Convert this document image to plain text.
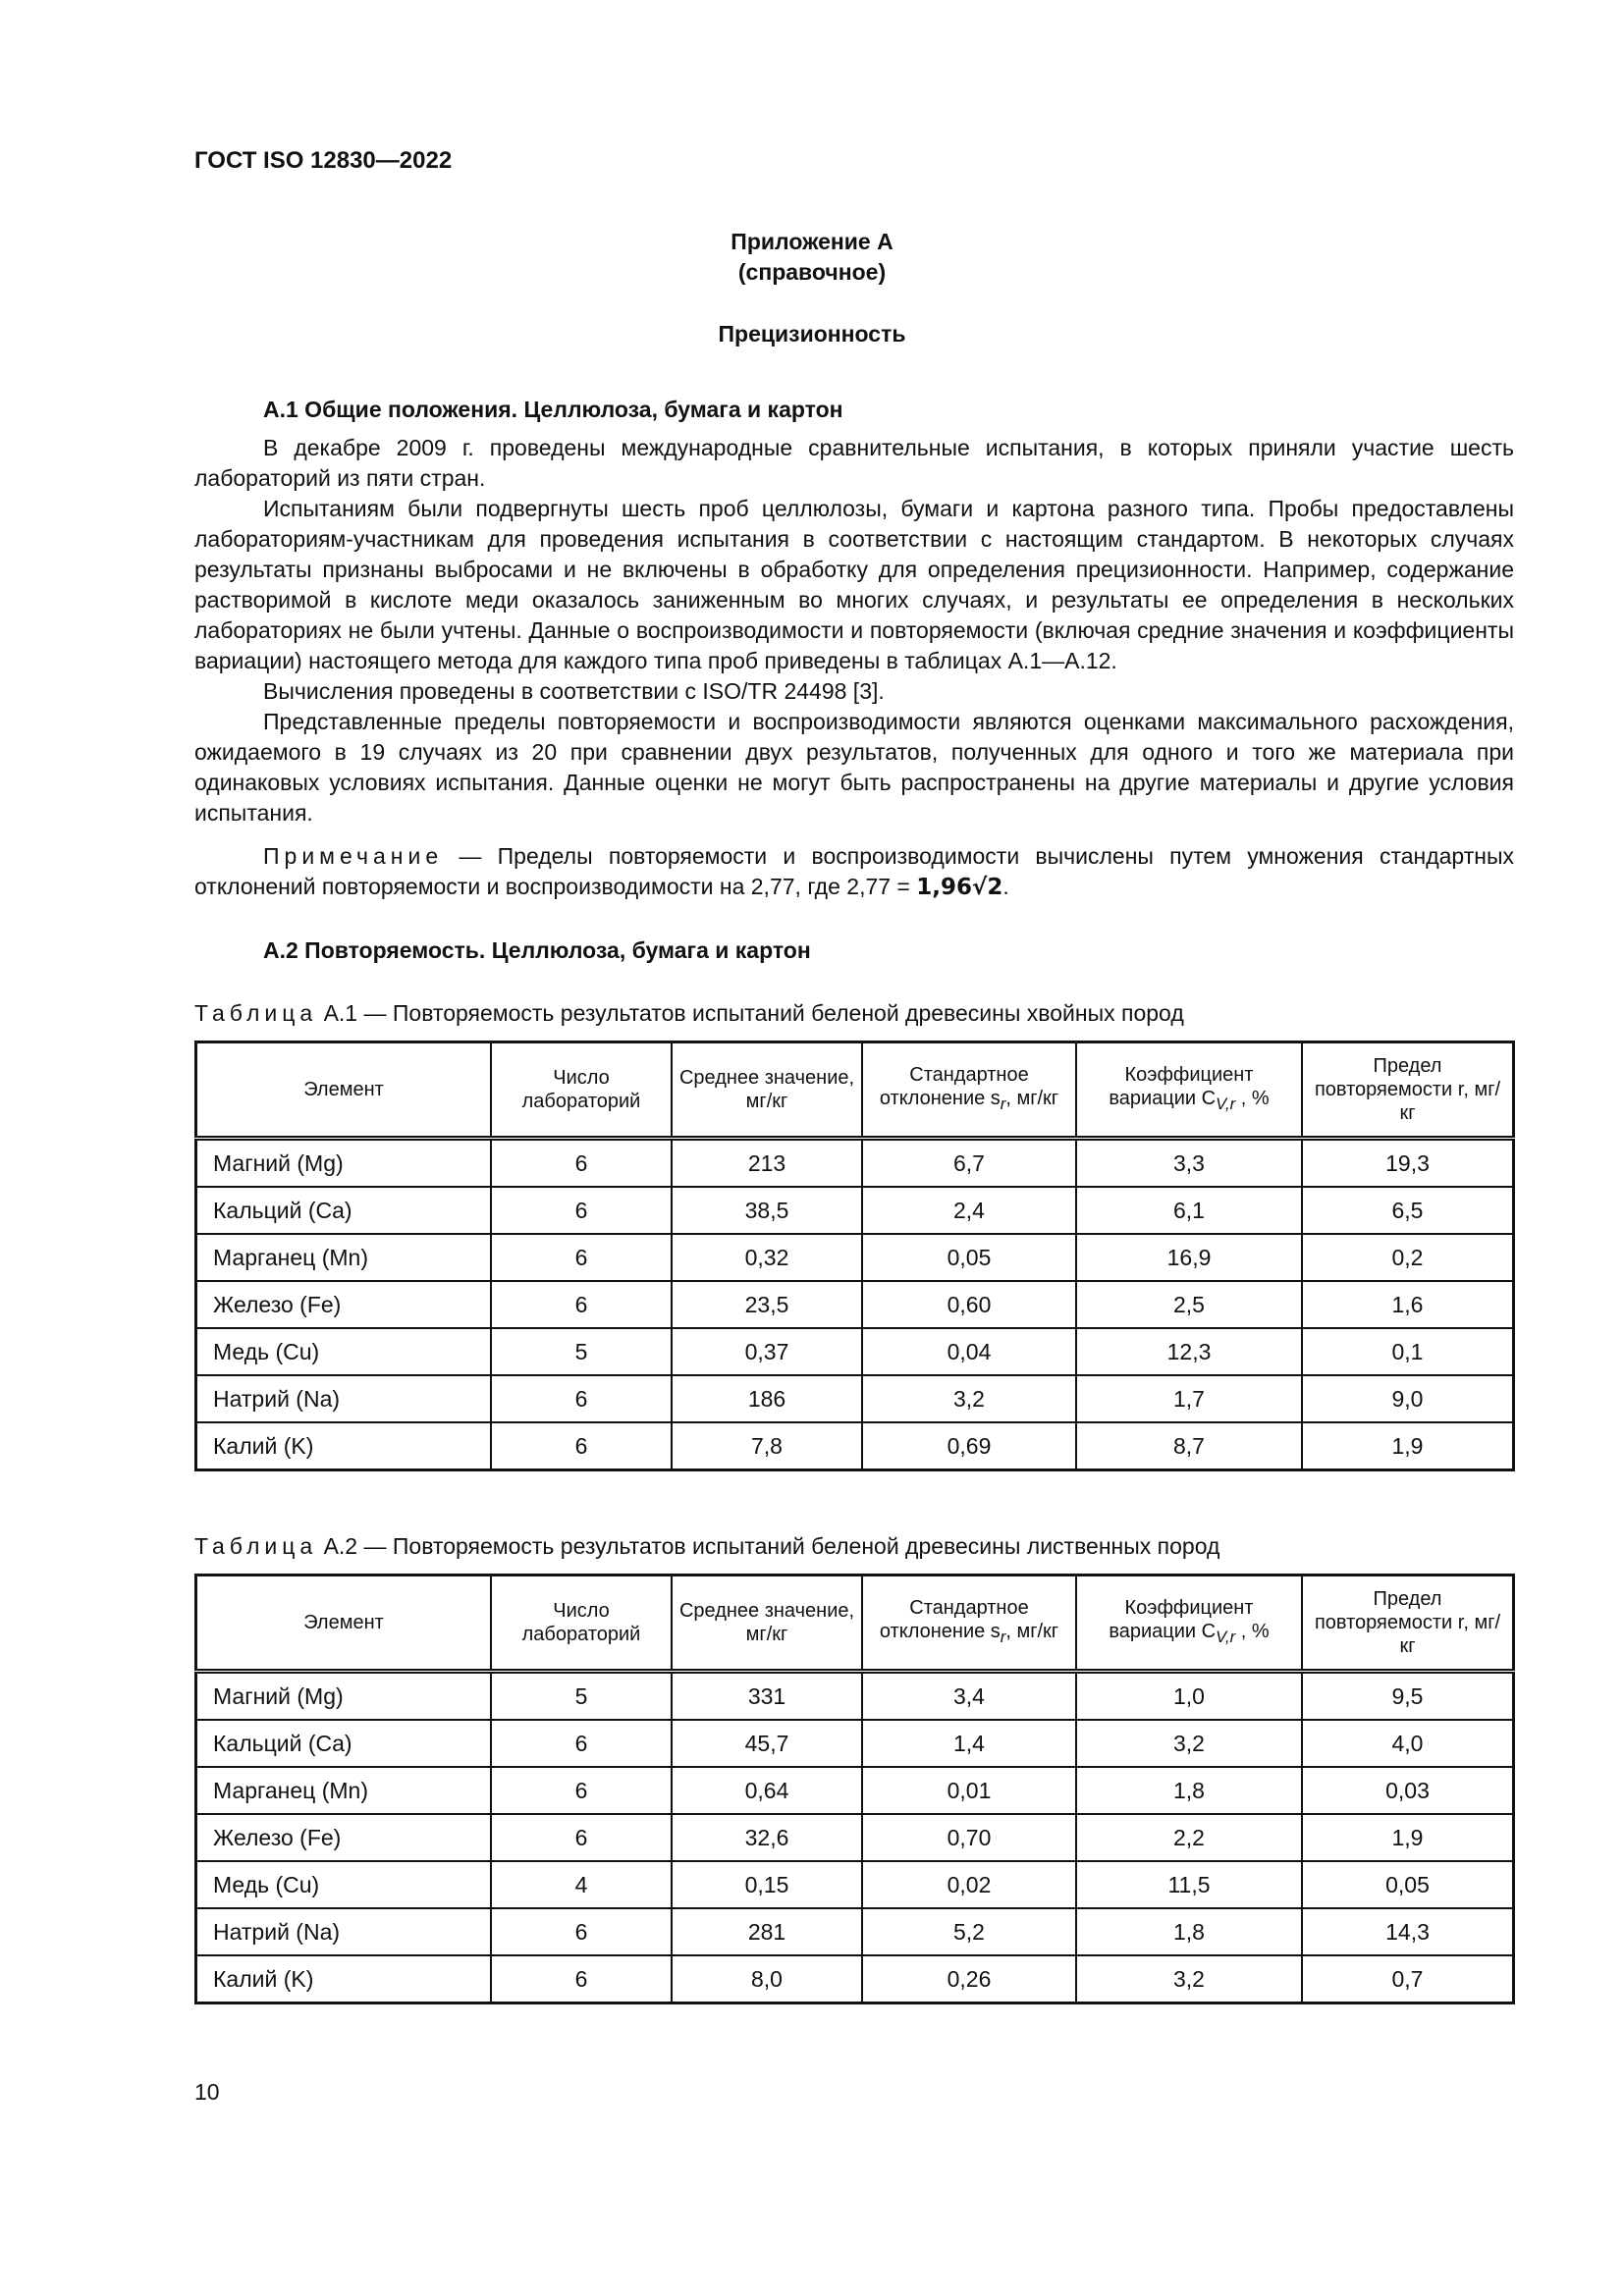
ГОСТ ISO 12830—2022
Приложение А
(справочное)
Прецизионность
А.1 Общие положения. Целлюлоза, бумага и картон

В декабре 2009 г. проведены международные сравнительные испытания, в которых приняли участие шесть лабораторий из пяти стран.

Испытаниям были подвергнуты шесть проб целлюлозы, бумаги и картона разного типа. Пробы предоставлены лабораториям-участникам для проведения испытания в соответствии с настоящим стандартом. В некоторых случаях результаты признаны выбросами и не включены в обработку для определения прецизионности. Например, содержание растворимой в кислоте меди оказалось заниженным во многих случаях, и результаты ее определения в нескольких лабораториях не были учтены. Данные о воспроизводимости и повторяемости (включая средние значения и коэффициенты вариации) настоящего метода для каждого типа проб приведены в таблицах А.1—А.12.

Вычисления проведены в соответствии с ISO/TR 24498 [3].

Представленные пределы повторяемости и воспроизводимости являются оценками максимального расхождения, ожидаемого в 19 случаях из 20 при сравнении двух результатов, полученных для одного и того же материала при одинаковых условиях испытания. Данные оценки не могут быть распространены на другие материалы и другие условия испытания.

Примечание — Пределы повторяемости и воспроизводимости вычислены путем умножения стандартных отклонений повторяемости и воспроизводимости на 2,77, где 2,77 = 1,96√2.

А.2 Повторяемость. Целлюлоза, бумага и картон
Таблица А.1 — Повторяемость результатов испытаний беленой древесины хвойных пород
Элемент	Число лабораторий	Среднее значение, мг/кг	Стандартное отклонение $s_r$, мг/кг	Коэффициент вариации $C_{V,r}$ , %	Предел повторяемости r, мг/кг
Магний (Mg)	6	213	6,7	3,3	19,3
Кальций (Ca)	6	38,5	2,4	6,1	6,5
Марганец (Mn)	6	0,32	0,05	16,9	0,2
Железо (Fe)	6	23,5	0,60	2,5	1,6
Медь (Cu)	5	0,37	0,04	12,3	0,1
Натрий (Na)	6	186	3,2	1,7	9,0
Калий (K)	6	7,8	0,69	8,7	1,9
Таблица А.2 — Повторяемость результатов испытаний беленой древесины лиственных пород
Элемент	Число лабораторий	Среднее значение, мг/кг	Стандартное отклонение $s_r$, мг/кг	Коэффициент вариации $C_{V,r}$ , %	Предел повторяемости r, мг/кг
Магний (Mg)	5	331	3,4	1,0	9,5
Кальций (Ca)	6	45,7	1,4	3,2	4,0
Марганец (Mn)	6	0,64	0,01	1,8	0,03
Железо (Fe)	6	32,6	0,70	2,2	1,9
Медь (Cu)	4	0,15	0,02	11,5	0,05
Натрий (Na)	6	281	5,2	1,8	14,3
Калий (K)	6	8,0	0,26	3,2	0,7
10
